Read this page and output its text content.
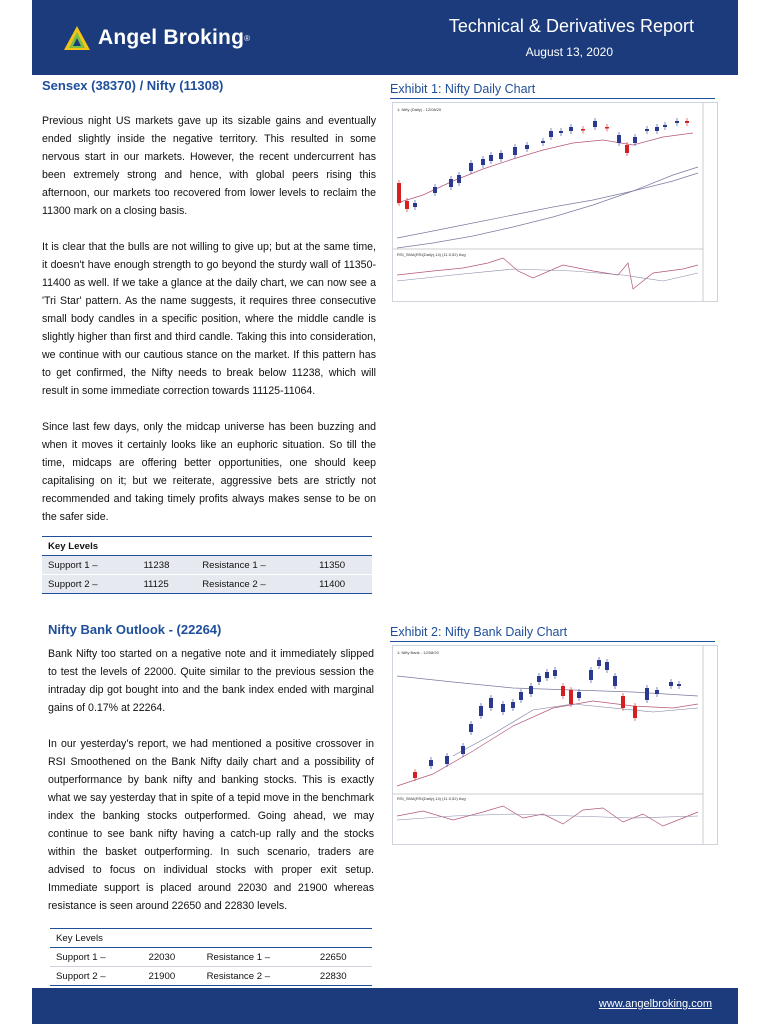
Angel Broking ®
Technical & Derivatives Report
August 13, 2020
Sensex (38370) / Nifty (11308)

Previous night US markets gave up its sizable gains and eventually ended slightly inside the negative territory. This resulted in some nervous start in our markets. However, the recent undercurrent has been extremely strong and hence, with global peers rising this afternoon, our markets too recovered from lower levels to reclaim the 11300 mark on a closing basis.

It is clear that the bulls are not willing to give up; but at the same time, it doesn't have enough strength to go beyond the sturdy wall of 11350-11400 as well. If we take a glance at the daily chart, we can now see a 'Tri Star' pattern. As the name suggests, it requires three consecutive small body candles in a specific position, where the middle candle is slightly higher than first and third candle. Taking this into consideration, we continue with our cautious stance on the market. If this pattern has to get confirmed, the Nifty needs to break below 11238, which will result in some immediate correction towards 11125-11064.

Since last few days, only the midcap universe has been buzzing and when it moves it certainly looks like an euphoric situation. So till the time, midcaps are offering better opportunities, one should keep capitalising on it; but we reiterate, aggressive bets are strictly not recommended and taking timely profits always makes sense to be on the safer side.

Key Levels			
Support 1 –	11238	Resistance 1 –	11350
Support 2 –	11125	Resistance 2 –	11400
Nifty Bank Outlook - (22264)

Bank Nifty too started on a negative note and it immediately slipped to test the levels of 22000. Quite similar to the previous session the intraday dip got bought into and the bank index ended with marginal gains of 0.17% at 22264.

In our yesterday's report, we had mentioned a positive crossover in RSI Smoothened on the Bank Nifty daily chart and a possibility of outperformance by bank nifty and banking stocks. This is exactly what we say yesterday that in spite of a tepid move in the benchmark index the banking stocks outperformed. Going ahead, we may continue to see bank nifty having a catch-up rally and the stocks within the basket outperforming. In such scenario, traders are advised to focus on individual stocks with proper exit setup. Immediate support is placed around 22030 and 21900 whereas resistance is seen around 22650 and 22830 levels.

Key Levels			
Support 1 –	22030	Resistance 1 –	22650
Support 2 –	21900	Resistance 2 –	22830
Exhibit 1: Nifty Daily Chart
1: Nifty (Daily) - 12/08/20
RSI_SMA(RSI(Daily),14) (11.0,52) Avg
Exhibit 2: Nifty Bank Daily Chart
1: Nifty Bank - 12/08/20
RSI_SMA(RSI(Daily),14) (11.0,52) Avg
www.angelbroking.com
